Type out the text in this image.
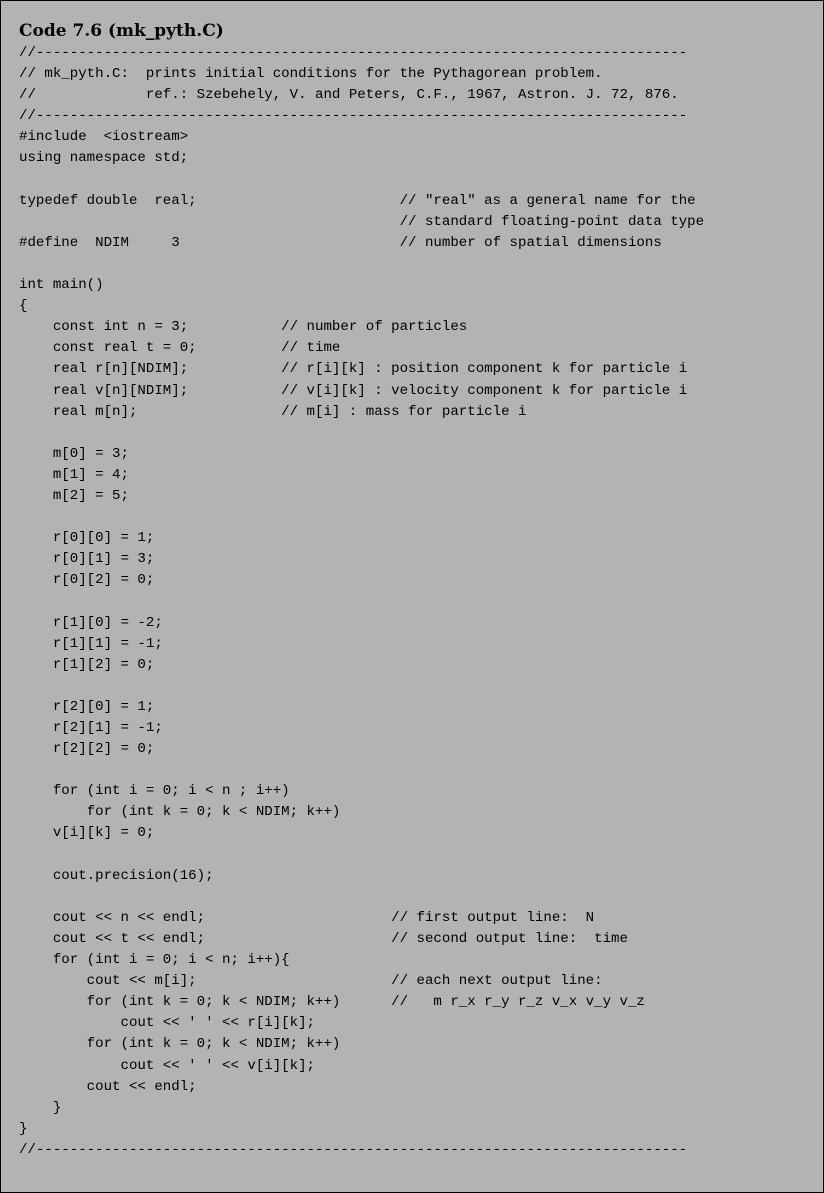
Code 7.6 (mk_pyth.C)
//-----------------------------------------------------------------------------
// mk_pyth.C:  prints initial conditions for the Pythagorean problem.
//             ref.: Szebehely, V. and Peters, C.F., 1967, Astron. J. 72, 876.
//-----------------------------------------------------------------------------
#include  <iostream>
using namespace std;
typedef double  real;                        // "real" as a general name for the
// standard floating-point data type
#define  NDIM     3                          // number of spatial dimensions
int main()
{
const int n = 3;           // number of particles
const real t = 0;          // time
real r[n][NDIM];           // r[i][k] : position component k for particle i
real v[n][NDIM];           // v[i][k] : velocity component k for particle i
real m[n];                 // m[i] : mass for particle i
m[0] = 3;
m[1] = 4;
m[2] = 5;
r[0][0] = 1;
r[0][1] = 3;
r[0][2] = 0;
r[1][0] = -2;
r[1][1] = -1;
r[1][2] = 0;
r[2][0] = 1;
r[2][1] = -1;
r[2][2] = 0;
for (int i = 0; i < n ; i++)
for (int k = 0; k < NDIM; k++)
v[i][k] = 0;
cout.precision(16);
cout << n << endl;                      // first output line:  N
cout << t << endl;                      // second output line:  time
for (int i = 0; i < n; i++){
cout << m[i];                       // each next output line:
for (int k = 0; k < NDIM; k++)      //   m r_x r_y r_z v_x v_y v_z
cout << ' ' << r[i][k];
for (int k = 0; k < NDIM; k++)
cout << ' ' << v[i][k];
cout << endl;
}
}
//-----------------------------------------------------------------------------
